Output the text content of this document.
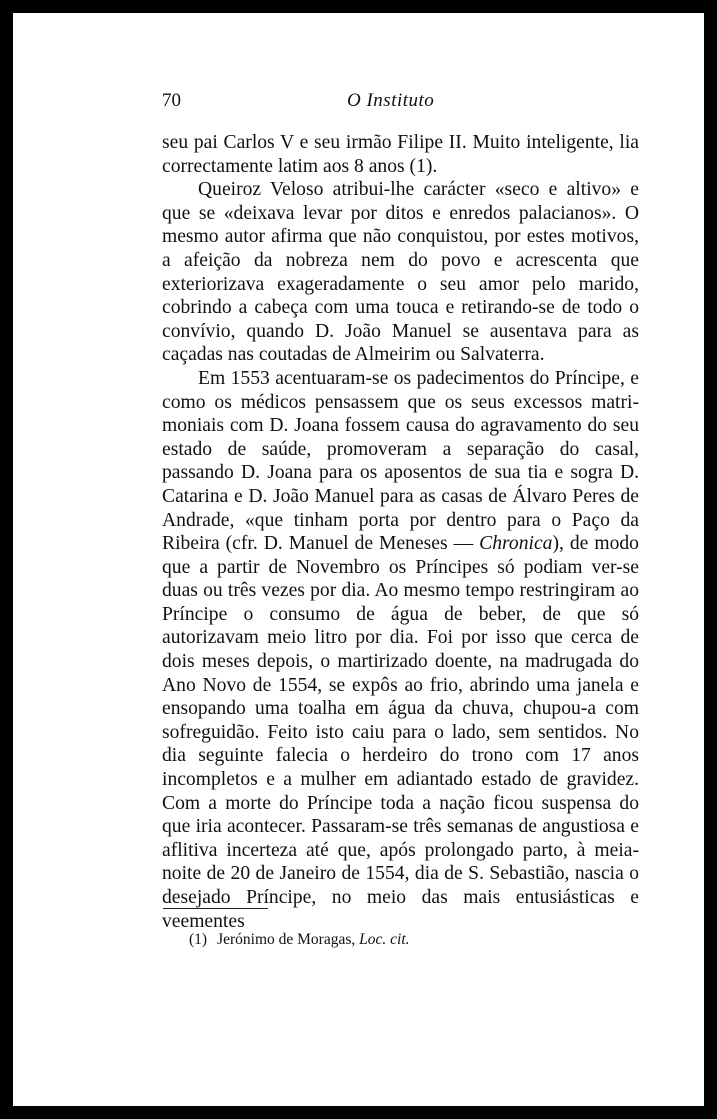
70	O Instituto

seu pai Carlos V e seu irmão Filipe II. Muito inteligente, lia correctamente latim aos 8 anos (1).

Queiroz Veloso atribui-lhe carácter «seco e altivo» e que se «deixava levar por ditos e enredos palacianos». O mesmo autor afirma que não conquistou, por estes motivos, a afeição da nobreza nem do povo e acrescenta que exteriorizava exageradamente o seu amor pelo marido, cobrindo a cabeça com uma touca e retirando-se de todo o convívio, quando D. João Manuel se ausentava para as caçadas nas coutadas de Almeirim ou Salvaterra.

Em 1553 acentuaram-se os padecimentos do Príncipe, e como os médicos pensassem que os seus excessos matrimoniais com D. Joana fossem causa do agravamento do seu estado de saúde, promoveram a separação do casal, passando D. Joana para os aposentos de sua tia e sogra D. Catarina e D. João Manuel para as casas de Álvaro Peres de Andrade, «que tinham porta por dentro para o Paço da Ribeira (cfr. D. Manuel de Meneses — Chronica), de modo que a partir de Novembro os Príncipes só podiam ver-se duas ou três vezes por dia. Ao mesmo tempo restringiram ao Príncipe o consumo de água de beber, de que só autorizavam meio litro por dia. Foi por isso que cerca de dois meses depois, o martirizado doente, na madrugada do Ano Novo de 1554, se expôs ao frio, abrindo uma janela e ensopando uma toalha em água da chuva, chupou-a com sofreguidão. Feito isto caiu para o lado, sem sentidos. No dia seguinte falecia o herdeiro do trono com 17 anos incompletos e a mulher em adiantado estado de gravidez. Com a morte do Príncipe toda a nação ficou suspensa do que iria acontecer. Passaram-se três semanas de angustiosa e aflitiva incerteza até que, após prolongado parto, à meia-noite de 20 de Janeiro de 1554, dia de S. Sebastião, nascia o desejado Príncipe, no meio das mais entusiásticas e veementes

(1) Jerónimo de Moragas, Loc. cit.
